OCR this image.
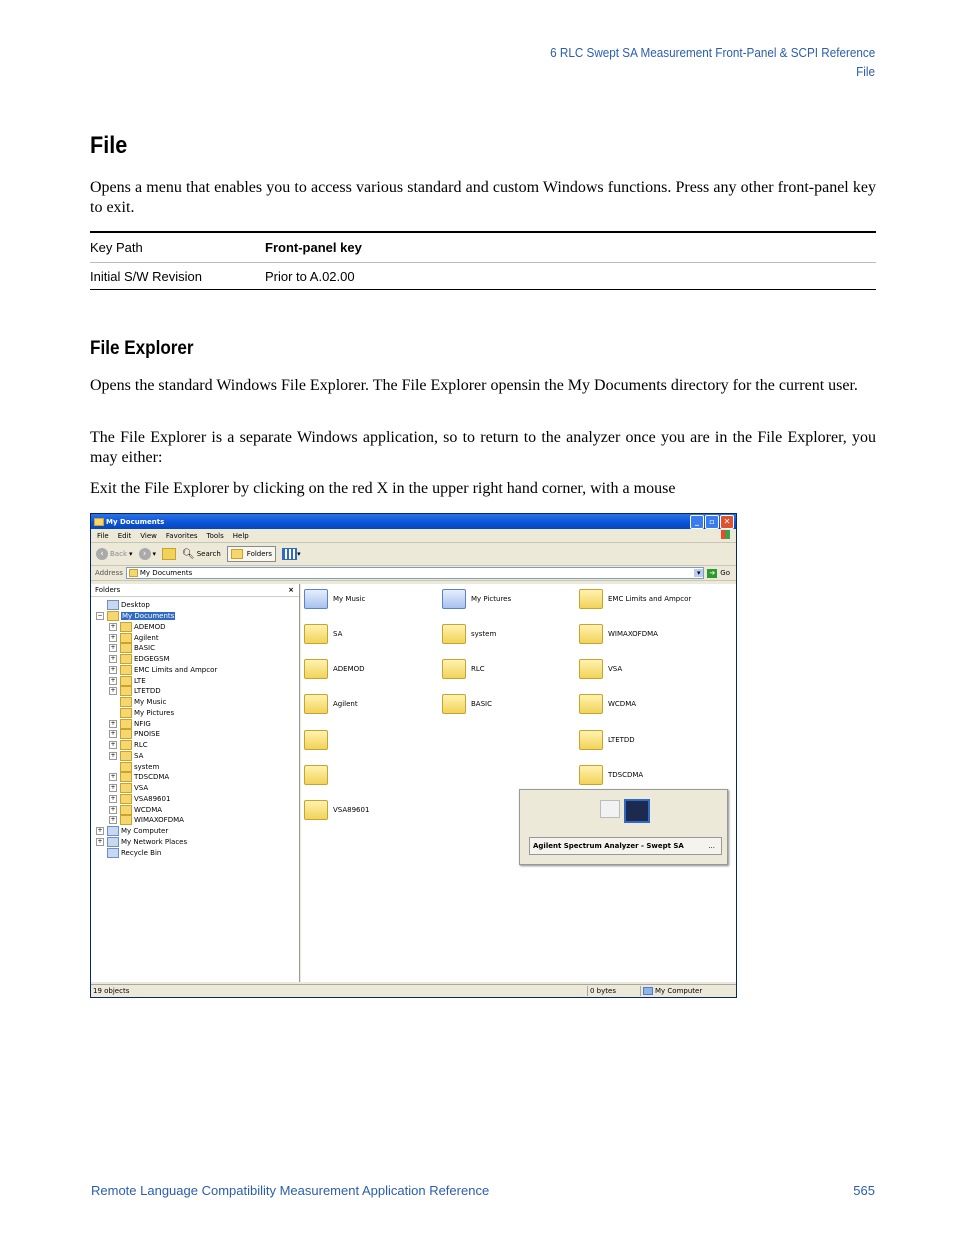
6 RLC Swept SA Measurement Front-Panel & SCPI Reference
File
File
Opens a menu that enables you to access various standard and custom Windows functions. Press any other front-panel key to exit.
Key Path	Front-panel key
Initial S/W Revision	Prior to A.02.00
File Explorer
Opens the standard Windows File Explorer. The File Explorer opensin the My Documents directory for the current user.
The File Explorer is a separate Windows application, so to return to the analyzer once you are in the File Explorer, you may either:
Exit the File Explorer by clicking on the red X in the upper right hand corner, with a mouse
My Documents	_	▫	✕
File Edit View Favorites Tools Help
‹ Back ▾	› ▾	🔍︎ Search	Folders	▾
Address My Documents	▾	➔ Go
Folders	×
Desktop
−	My Documents
+	ADEMOD
+	Agilent
+	BASIC
+	EDGEGSM
+	EMC Limits and Ampcor
+	LTE
+	LTETDD
My Music
My Pictures
+	NFIG
+	PNOISE
+	RLC
+	SA
system
+	TDSCDMA
+	VSA
+	VSA89601
+	WCDMA
+	WIMAXOFDMA
+	My Computer
+	My Network Places
Recycle Bin
VSA89601
TDSCDMA
LTETDD
WCDMA
BASIC
Agilent
VSA
RLC
ADEMOD
WIMAXOFDMA
system
SA
EMC Limits and Ampcor
My Pictures
My Music
Agilent Spectrum Analyzer - Swept SA	...
19 objects	0 bytes	My Computer
Remote Language Compatibility Measurement Application Reference	565
